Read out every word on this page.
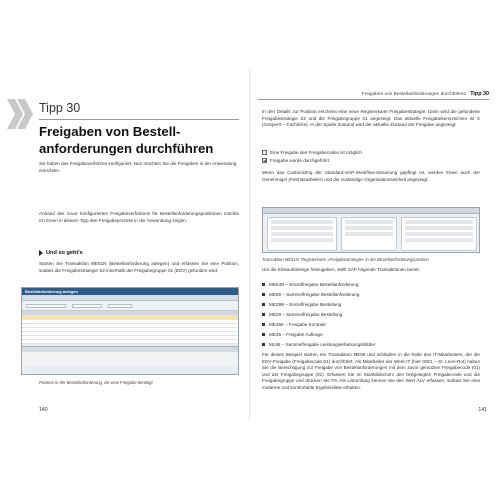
Tipp 30
Freigaben von Bestell-
anforderungen durchführen
Sie haben das Freigabeverfahren konfiguriert. Nun möchten Sie die Freigaben in der Anwendung einrichten.
Anhand des zuvor konfigurierten Freigabeverfahrens für Bestellanforderungspositionen möchte ich Ihnen in diesem Tipp den Freigabeprozess in der Anwendung zeigen.
Und so geht's
Starten Sie Transaktion ME51N (Bestellanforderung anlegen) und erfassen Sie eine Position, sodass die Freigabestrategie S2 innerhalb der Freigabegruppe 01 (EDV) gefunden wird.
Bestellanforderung anlegen
Position in der Bestellanforderung, die eine Freigabe benötigt
140
Freigaben von Bestellanforderungen durchführen Tipp 30
In den Details zur Position erscheint eine neue Registerkarte Freigabestrategie. Darin wird die gefundene Freigabestrategie S2 und die Freigabegruppe 01 angezeigt. Das aktuelle Freigabekennzeichen ist X (Gesperrt – Fachliche). In der Spalte Zustand wird der aktuelle Zustand der Freigabe angezeigt:
Eine Freigabe des Freigabecodes ist möglich
Freigabe wurde durchgeführt.
Wenn das Customizing der Standard-SAP-Workflow-Steuerung gepflegt ist, werden Ihnen auch der Genehmiger (Feld Bearbeiter) und die zuständige Organisationseinheit angezeigt.
Transaktion ME51N: Registerkarte »Freigabestrategie« in der Bestellanforderungsposition
Um die Einkaufsbelege freizugeben, stellt SAP folgende Transaktionen bereit:
ME54N – Einzelfreigabe Bestellanforderung
ME55 – Sammelfreigabe Bestellanforderung
ME29N – Einzelfreigabe Bestellung
ME28 – Sammelfreigabe Bestellung
ME35K – Freigabe Kontrakt
ME45 – Freigabe Auftrage
ML85 – Sammelfreigabe Leistungserfassungsblätter
Für dieses Beispiel starten Sie Transaktion ME55 und schlüpfen in die Rolle des IT-Mitarbeiters, der die EDV-Freigabe (Freigabecode 01) durchführt. Als Mitarbeiter der Werk-IT (hier 0001 – St. Leon-Rot) haben Sie die Berechtigung zur Freigabe von Bestellanforderungen mit dem zuvor genutzten Freigabecode (01) und der Freigabegruppe (01). Erfassen Sie im Startbildschirm den festgelegten Freigabecode und die Freigabegruppe und drücken Sie F8. Als Listumfang können Sie den Wert ALV erfassen, sodass Sie eine moderne und komfortable Ergebnisliste erhalten.
141
